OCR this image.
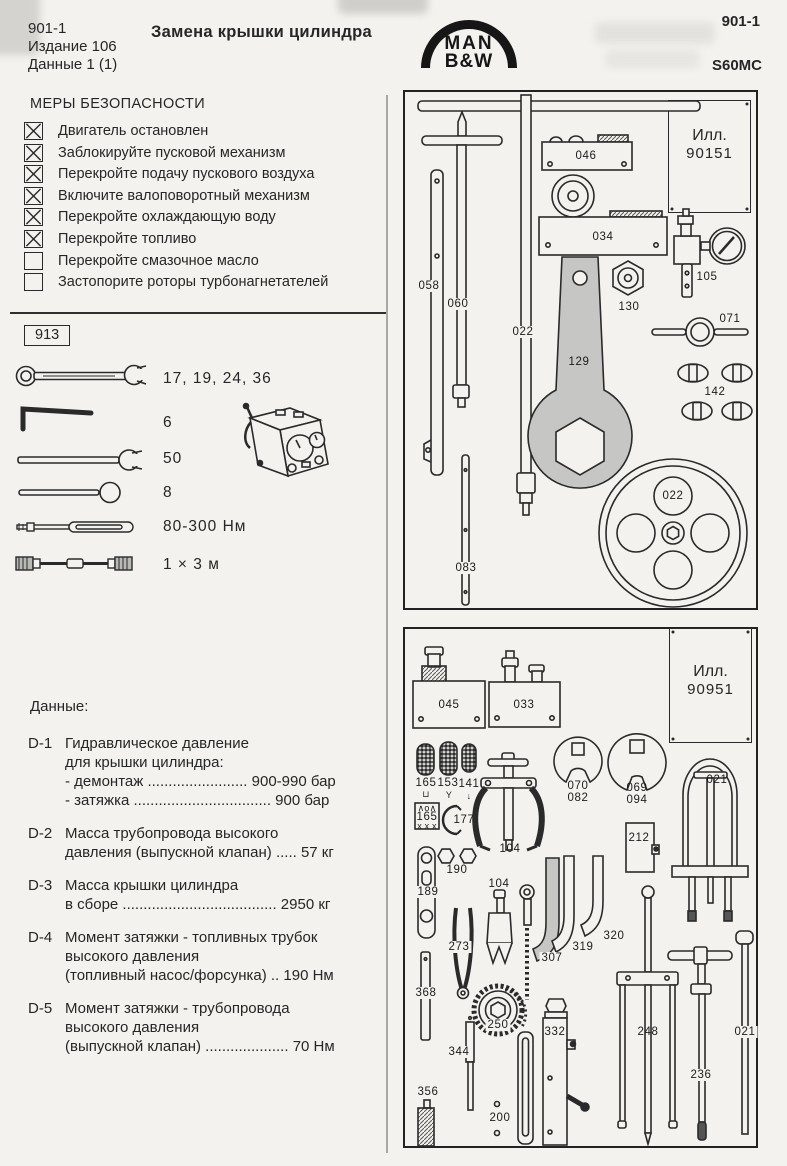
901-1
Издание 106
Данные 1 (1)
Замена крышки цилиндра
MAN
B&W
901-1
S60MC
МЕРЫ БЕЗОПАСНОСТИ
Двигатель остановлен
Заблокируйте пусковой механизм
Перекройте подачу пускового воздуха
Включите валоповоротный механизм
Перекройте охлаждающую воду
Перекройте топливо
Перекройте смазочное масло
Застопорите роторы турбонагнетателей
913
17, 19, 24, 36
6
50
8
80-300 Нм
1 × 3 м
Данные:
D-1 Гидравлическое давление
для крышки цилиндра:
- демонтаж ........................ 900-990 бар
- затяжка ................................. 900 бар
D-2 Масса трубопровода высокого
давления (выпускной клапан) ..... 57 кг
D-3 Масса крышки цилиндра
в сборе ..................................... 2950 кг
D-4 Момент затяжки - топливных трубок
высокого давления
(топливный насос/форсунка) .. 190 Нм
D-5 Момент затяжки - трубопровода
высокого давления
(выпускной клапан) .................... 70 Нм
Илл.
90151
Илл.
90951
046
034
058
060
022
130
105
071
129
142
022
083
045	033
165 153 141
⊔ Y ↓
∧o∧
165
x x x 177
104
070
082
069
094
021
212
190
189
104
273
307
319
320
368
250
344
332	248
236
021
356
200
